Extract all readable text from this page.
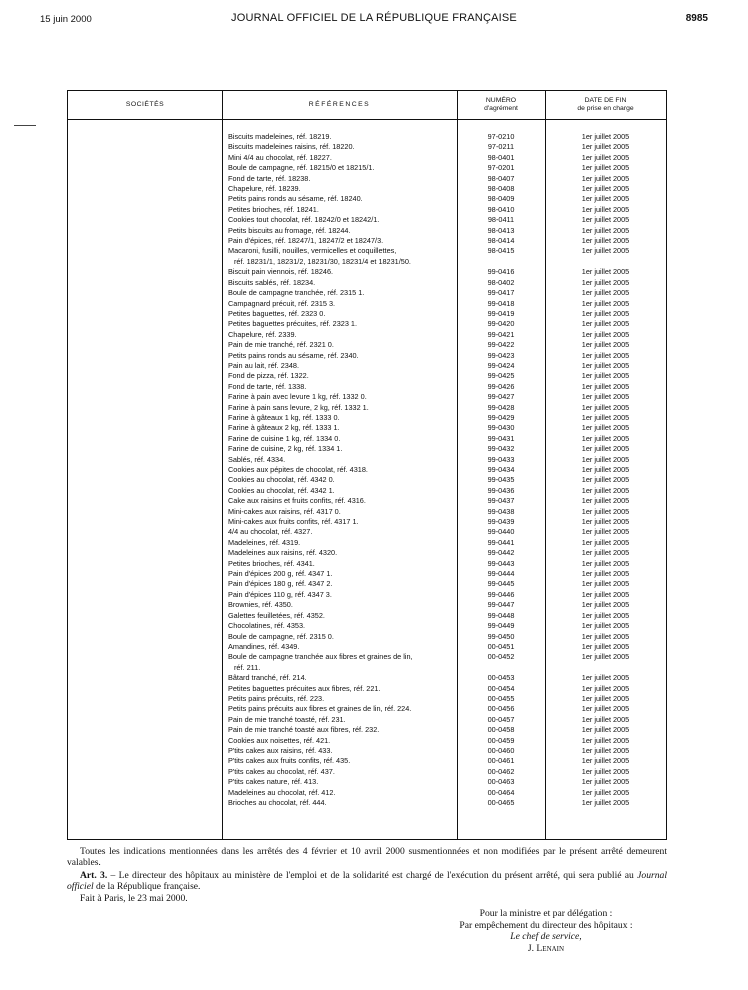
15 juin 2000	JOURNAL OFFICIEL DE LA RÉPUBLIQUE FRANÇAISE	8985
SOCIÉTÉS	RÉFÉRENCES
NUMÉRO
d'agrément
DATE DE FIN
de prise en charge
Biscuits madeleines, réf. 18219.	97-0210	1er juillet 2005
Biscuits madeleines raisins, réf. 18220.	97-0211	1er juillet 2005
Mini 4/4 au chocolat, réf. 18227.	98-0401	1er juillet 2005
Boule de campagne, réf. 18215/0 et 18215/1.	97-0201	1er juillet 2005
Fond de tarte, réf. 18238.	98-0407	1er juillet 2005
Chapelure, réf. 18239.	98-0408	1er juillet 2005
Petits pains ronds au sésame, réf. 18240.	98-0409	1er juillet 2005
Petites brioches, réf. 18241.	98-0410	1er juillet 2005
Cookies tout chocolat, réf. 18242/0 et 18242/1.	98-0411	1er juillet 2005
Petits biscuits au fromage, réf. 18244.	98-0413	1er juillet 2005
Pain d'épices, réf. 18247/1, 18247/2 et 18247/3.	98-0414	1er juillet 2005
Macaroni, fusilli, nouilles, vermicelles et coquillettes,
réf. 18231/1, 18231/2, 18231/30, 18231/4 et 18231/50.
98-0415	1er juillet 2005
Biscuit pain viennois, réf. 18246.	99-0416	1er juillet 2005
Biscuits sablés, réf. 18234.	98-0402	1er juillet 2005
Boule de campagne tranchée, réf. 2315 1.	99-0417	1er juillet 2005
Campagnard précuit, réf. 2315 3.	99-0418	1er juillet 2005
Petites baguettes, réf. 2323 0.	99-0419	1er juillet 2005
Petites baguettes précuites, réf. 2323 1.	99-0420	1er juillet 2005
Chapelure, réf. 2339.	99-0421	1er juillet 2005
Pain de mie tranché, réf. 2321 0.	99-0422	1er juillet 2005
Petits pains ronds au sésame, réf. 2340.	99-0423	1er juillet 2005
Pain au lait, réf. 2348.	99-0424	1er juillet 2005
Fond de pizza, réf. 1322.	99-0425	1er juillet 2005
Fond de tarte, réf. 1338.	99-0426	1er juillet 2005
Farine à pain avec levure 1 kg, réf. 1332 0.	99-0427	1er juillet 2005
Farine à pain sans levure, 2 kg, réf. 1332 1.	99-0428	1er juillet 2005
Farine à gâteaux 1 kg, réf. 1333 0.	99-0429	1er juillet 2005
Farine à gâteaux 2 kg, réf. 1333 1.	99-0430	1er juillet 2005
Farine de cuisine 1 kg, réf. 1334 0.	99-0431	1er juillet 2005
Farine de cuisine, 2 kg, réf. 1334 1.	99-0432	1er juillet 2005
Sablés, réf. 4334.	99-0433	1er juillet 2005
Cookies aux pépites de chocolat, réf. 4318.	99-0434	1er juillet 2005
Cookies au chocolat, réf. 4342 0.	99-0435	1er juillet 2005
Cookies au chocolat, réf. 4342 1.	99-0436	1er juillet 2005
Cake aux raisins et fruits confits, réf. 4316.	99-0437	1er juillet 2005
Mini-cakes aux raisins, réf. 4317 0.	99-0438	1er juillet 2005
Mini-cakes aux fruits confits, réf. 4317 1.	99-0439	1er juillet 2005
4/4 au chocolat, réf. 4327.	99-0440	1er juillet 2005
Madeleines, réf. 4319.	99-0441	1er juillet 2005
Madeleines aux raisins, réf. 4320.	99-0442	1er juillet 2005
Petites brioches, réf. 4341.	99-0443	1er juillet 2005
Pain d'épices 200 g, réf. 4347 1.	99-0444	1er juillet 2005
Pain d'épices 180 g, réf. 4347 2.	99-0445	1er juillet 2005
Pain d'épices 110 g, réf. 4347 3.	99-0446	1er juillet 2005
Brownies, réf. 4350.	99-0447	1er juillet 2005
Galettes feuilletées, réf. 4352.	99-0448	1er juillet 2005
Chocolatines, réf. 4353.	99-0449	1er juillet 2005
Boule de campagne, réf. 2315 0.	99-0450	1er juillet 2005
Amandines, réf. 4349.	00-0451	1er juillet 2005
Boule de campagne tranchée aux fibres et graines de lin,
réf. 211.
00-0452	1er juillet 2005
Bâtard tranché, réf. 214.	00-0453	1er juillet 2005
Petites baguettes précuites aux fibres, réf. 221.	00-0454	1er juillet 2005
Petits pains précuits, réf. 223.	00-0455	1er juillet 2005
Petits pains précuits aux fibres et graines de lin, réf. 224.	00-0456	1er juillet 2005
Pain de mie tranché toasté, réf. 231.	00-0457	1er juillet 2005
Pain de mie tranché toasté aux fibres, réf. 232.	00-0458	1er juillet 2005
Cookies aux noisettes, réf. 421.	00-0459	1er juillet 2005
P'tits cakes aux raisins, réf. 433.	00-0460	1er juillet 2005
P'tits cakes aux fruits confits, réf. 435.	00-0461	1er juillet 2005
P'tits cakes au chocolat, réf. 437.	00-0462	1er juillet 2005
P'tits cakes nature, réf. 413.	00-0463	1er juillet 2005
Madeleines au chocolat, réf. 412.	00-0464	1er juillet 2005
Brioches au chocolat, réf. 444.	00-0465	1er juillet 2005
Toutes les indications mentionnées dans les arrêtés des 4 février et 10 avril 2000 susmentionnées et non modifiées par le présent arrêté demeurent valables.
Art. 3. – Le directeur des hôpitaux au ministère de l'emploi et de la solidarité est chargé de l'exécution du présent arrêté, qui sera publié au Journal officiel de la République française.
Fait à Paris, le 23 mai 2000.
Pour la ministre et par délégation :
Par empêchement du directeur des hôpitaux :
Le chef de service,
J. Lenain
